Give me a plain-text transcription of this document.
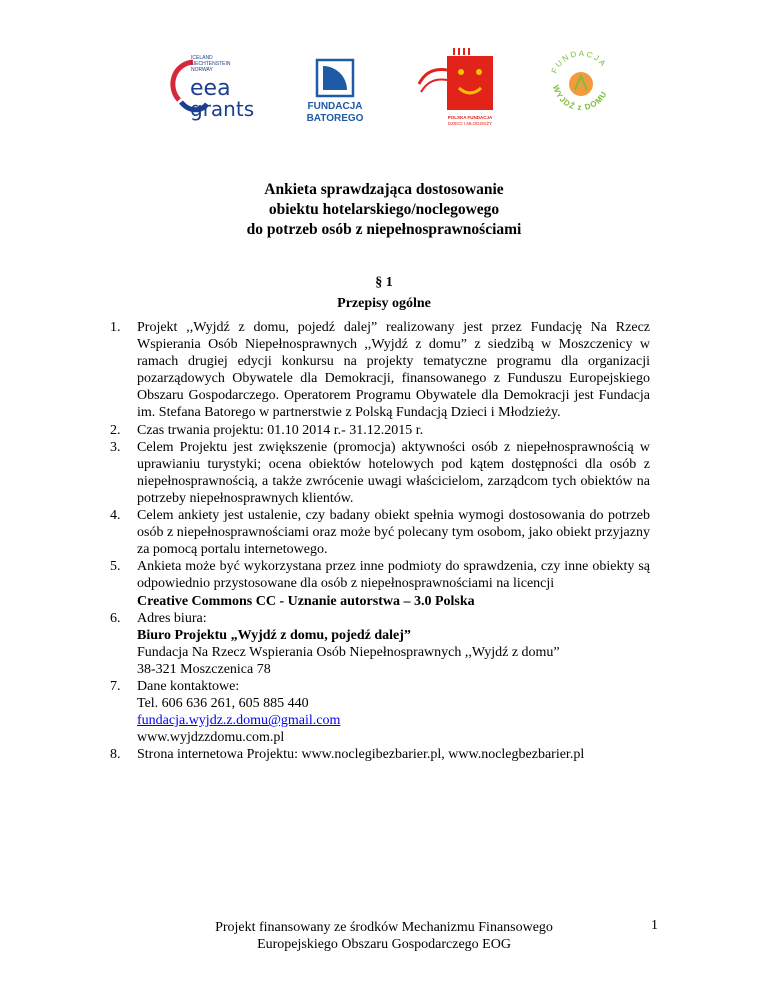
ICELAND
LIECHTENSTEIN
NORWAY
eea
grants	FUNDACJA
BATOREGO	POLSKA FUNDACJA
DZIECI I MŁODZIEŻY
FUNDACJA
WYJDŹ z DOMU
Ankieta sprawdzająca dostosowanie
obiektu hotelarskiego/noclegowego
do potrzeb osób z niepełnosprawnościami
§ 1
Przepisy ogólne
1. Projekt ,,Wyjdź z domu, pojedź dalej” realizowany jest przez Fundację Na Rzecz Wspierania Osób Niepełnosprawnych ,,Wyjdź z domu” z siedzibą w Moszczenicy w ramach drugiej edycji konkursu na projekty tematyczne programu dla organizacji pozarządowych Obywatele dla Demokracji, finansowanego z Funduszu Europejskiego Obszaru Gospodarczego. Operatorem Programu Obywatele dla Demokracji jest Fundacja im. Stefana Batorego w partnerstwie z Polską Fundacją Dzieci i Młodzieży.

2. Czas trwania projektu: 01.10 2014 r.- 31.12.2015 r.

3. Celem Projektu jest zwiększenie (promocja) aktywności osób z niepełnosprawnością w uprawianiu turystyki; ocena obiektów hotelowych pod kątem dostępności dla osób z niepełnosprawnością, a także zwrócenie uwagi właścicielom, zarządcom tych obiektów na potrzeby niepełnosprawnych klientów.

4. Celem ankiety jest ustalenie, czy badany obiekt spełnia wymogi dostosowania do potrzeb osób z niepełnosprawnościami oraz może być polecany tym osobom, jako obiekt przyjazny za pomocą portalu internetowego.

5. Ankieta może być wykorzystana przez inne podmioty do sprawdzenia, czy inne obiekty są odpowiednio przystosowane dla osób z niepełnosprawnościami na licencji

Creative Commons CC - Uznanie autorstwa – 3.0 Polska
6. Adres biura:

Biuro Projektu „Wyjdź z domu, pojedź dalej”
Fundacja Na Rzecz Wspierania Osób Niepełnosprawnych ,,Wyjdź z domu”
38-321 Moszczenica 78
7. Dane kontaktowe:

Tel. 606 636 261, 605 885 440
fundacja.wyjdz.z.domu@gmail.com
www.wyjdzzdomu.com.pl
8. Strona internetowa Projektu: www.noclegibezbarier.pl, www.noclegbezbarier.pl

1
Projekt finansowany ze środków Mechanizmu Finansowego
Europejskiego Obszaru Gospodarczego EOG
